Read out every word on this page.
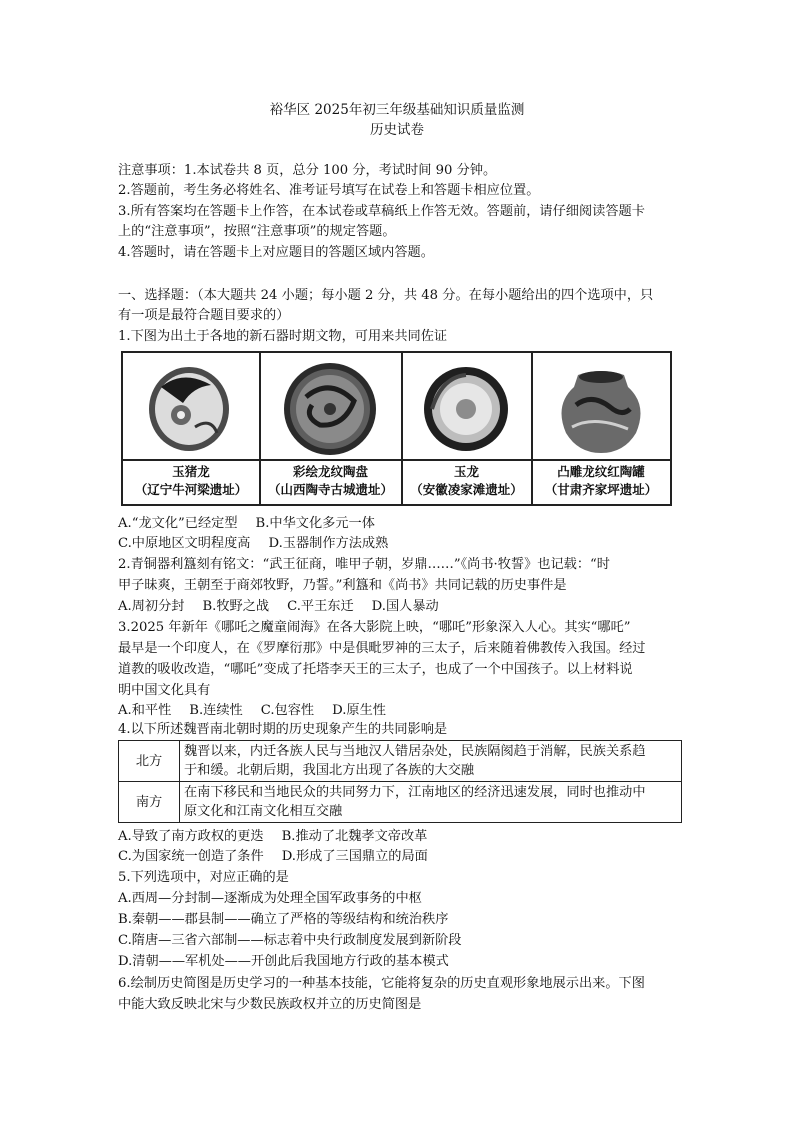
裕华区 2025年初三年级基础知识质量监测
历史试卷
注意事项：1.本试卷共 8 页，总分 100 分，考试时间 90 分钟。
2.答题前，考生务必将姓名、准考证号填写在试卷上和答题卡相应位置。
3.所有答案均在答题卡上作答，在本试卷或草稿纸上作答无效。答题前，请仔细阅读答题卡
上的“注意事项”，按照“注意事项”的规定答题。
4.答题时，请在答题卡上对应题目的答题区域内答题。
一、选择题：（本大题共 24 小题；每小题 2 分，共 48 分。在每小题给出的四个选项中，只
有一项是最符合题目要求的）
1.下图为出土于各地的新石器时期文物，可用来共同佐证
玉猪龙
（辽宁牛河梁遗址）
彩绘龙纹陶盘
（山西陶寺古城遗址）
玉龙
（安徽凌家滩遗址）
凸雕龙纹红陶罐
（甘肃齐家坪遗址）
A.“龙文化”已经定型 B.中华文化多元一体
C.中原地区文明程度高 D.玉器制作方法成熟
2.青铜器利簋刻有铭文：“武王征商，唯甲子朝，岁鼎……”《尚书·牧誓》也记载：“时
甲子昧爽，王朝至于商郊牧野，乃誓。”利簋和《尚书》共同记载的历史事件是
A.周初分封 B.牧野之战 C.平王东迁 D.国人暴动
3.2025 年新年《哪吒之魔童闹海》在各大影院上映，“哪吒”形象深入人心。其实“哪吒”
最早是一个印度人，在《罗摩衍那》中是俱毗罗神的三太子，后来随着佛教传入我国。经过
道教的吸收改造，“哪吒”变成了托塔李天王的三太子，也成了一个中国孩子。以上材料说
明中国文化具有
A.和平性 B.连续性 C.包容性 D.原生性
4.以下所述魏晋南北朝时期的历史现象产生的共同影响是
北方	魏晋以来，内迁各族人民与当地汉人错居杂处，民族隔阂趋于消解，民族关系趋
于和缓。北朝后期，我国北方出现了各族的大交融

南方	在南下移民和当地民众的共同努力下，江南地区的经济迅速发展，同时也推动中
原文化和江南文化相互交融
A.导致了南方政权的更迭 B.推动了北魏孝文帝改革
C.为国家统一创造了条件 D.形成了三国鼎立的局面
5.下列选项中，对应正确的是
A.西周—分封制—逐渐成为处理全国军政事务的中枢
B.秦朝——郡县制——确立了严格的等级结构和统治秩序
C.隋唐—三省六部制——标志着中央行政制度发展到新阶段
D.清朝——军机处——开创此后我国地方行政的基本模式
6.绘制历史简图是历史学习的一种基本技能，它能将复杂的历史直观形象地展示出来。下图
中能大致反映北宋与少数民族政权并立的历史简图是
